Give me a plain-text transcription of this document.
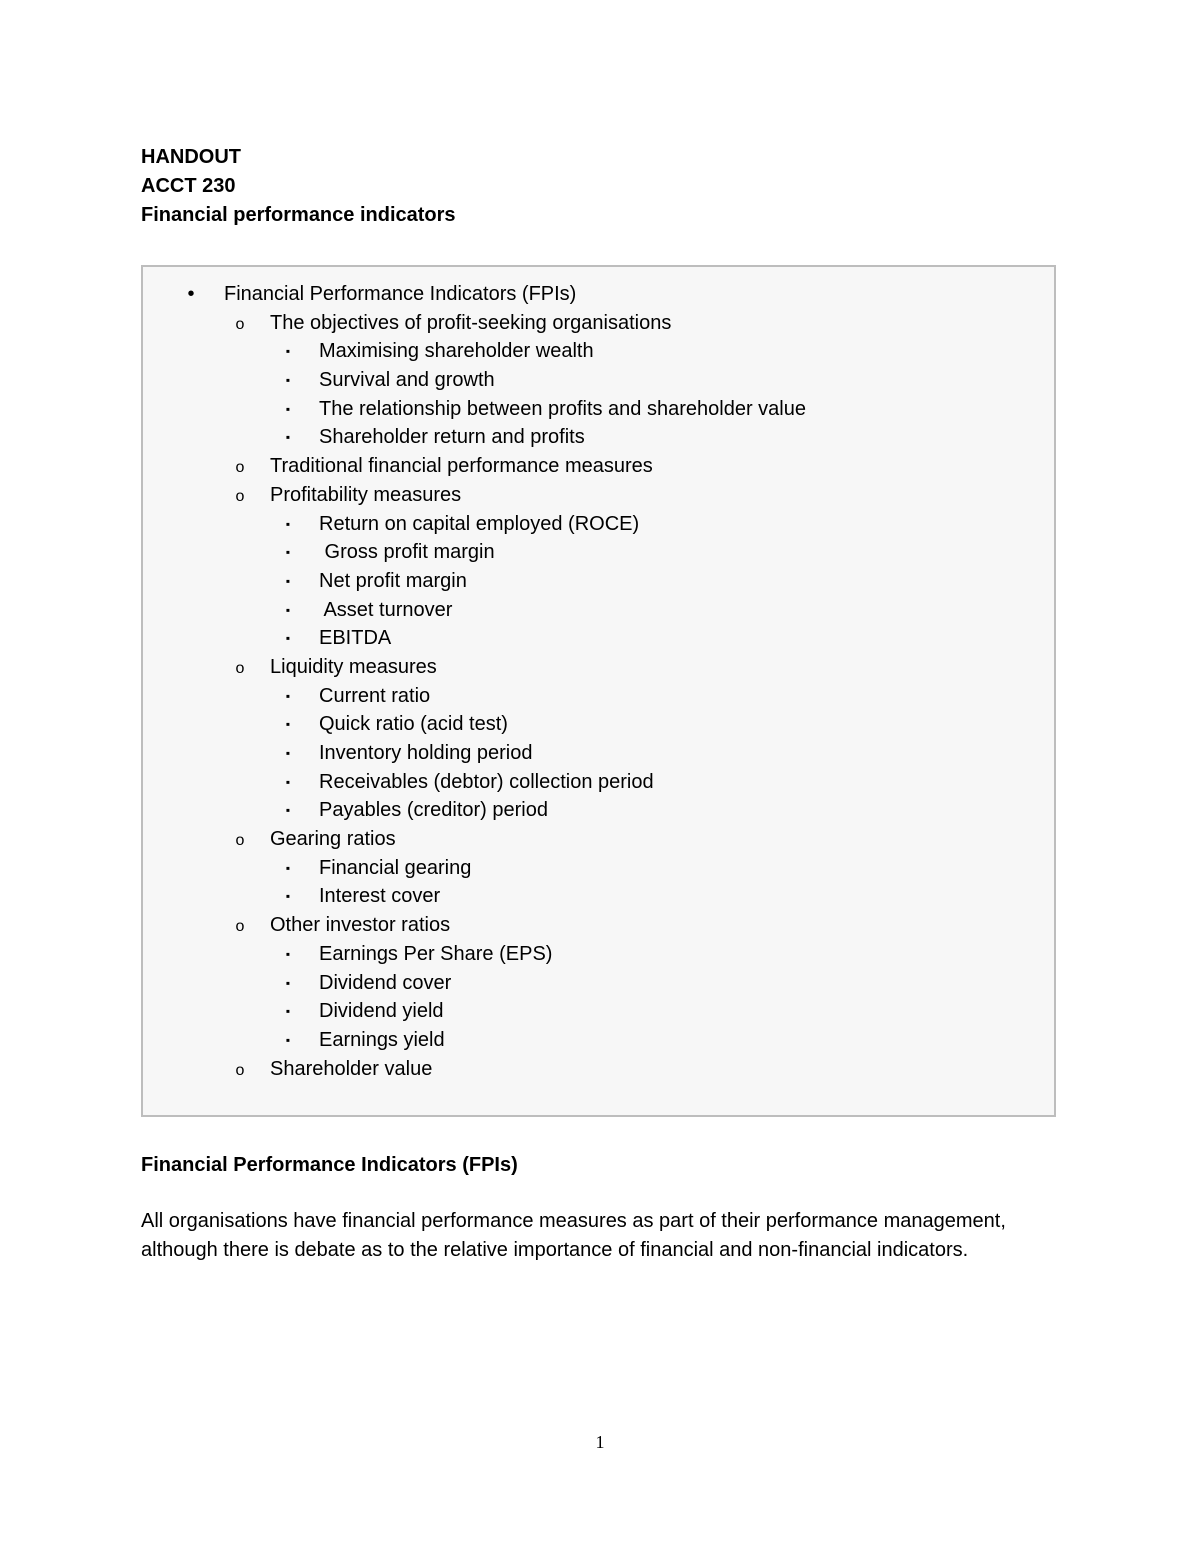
HANDOUT
ACCT 230
Financial performance indicators
• Financial Performance Indicators (FPIs)
o The objectives of profit-seeking organisations
▪ Maximising shareholder wealth
▪ Survival and growth
▪ The relationship between profits and shareholder value
▪ Shareholder return and profits
o Traditional financial performance measures
o Profitability measures
▪ Return on capital employed (ROCE)
▪ Gross profit margin
▪ Net profit margin
▪ Asset turnover
▪ EBITDA
o Liquidity measures
▪ Current ratio
▪ Quick ratio (acid test)
▪ Inventory holding period
▪ Receivables (debtor) collection period
▪ Payables (creditor) period
o Gearing ratios
▪ Financial gearing
▪ Interest cover
o Other investor ratios
▪ Earnings Per Share (EPS)
▪ Dividend cover
▪ Dividend yield
▪ Earnings yield
o Shareholder value
Financial Performance Indicators (FPIs)
All organisations have financial performance measures as part of their performance management, although there is debate as to the relative importance of financial and non-financial indicators.
1
